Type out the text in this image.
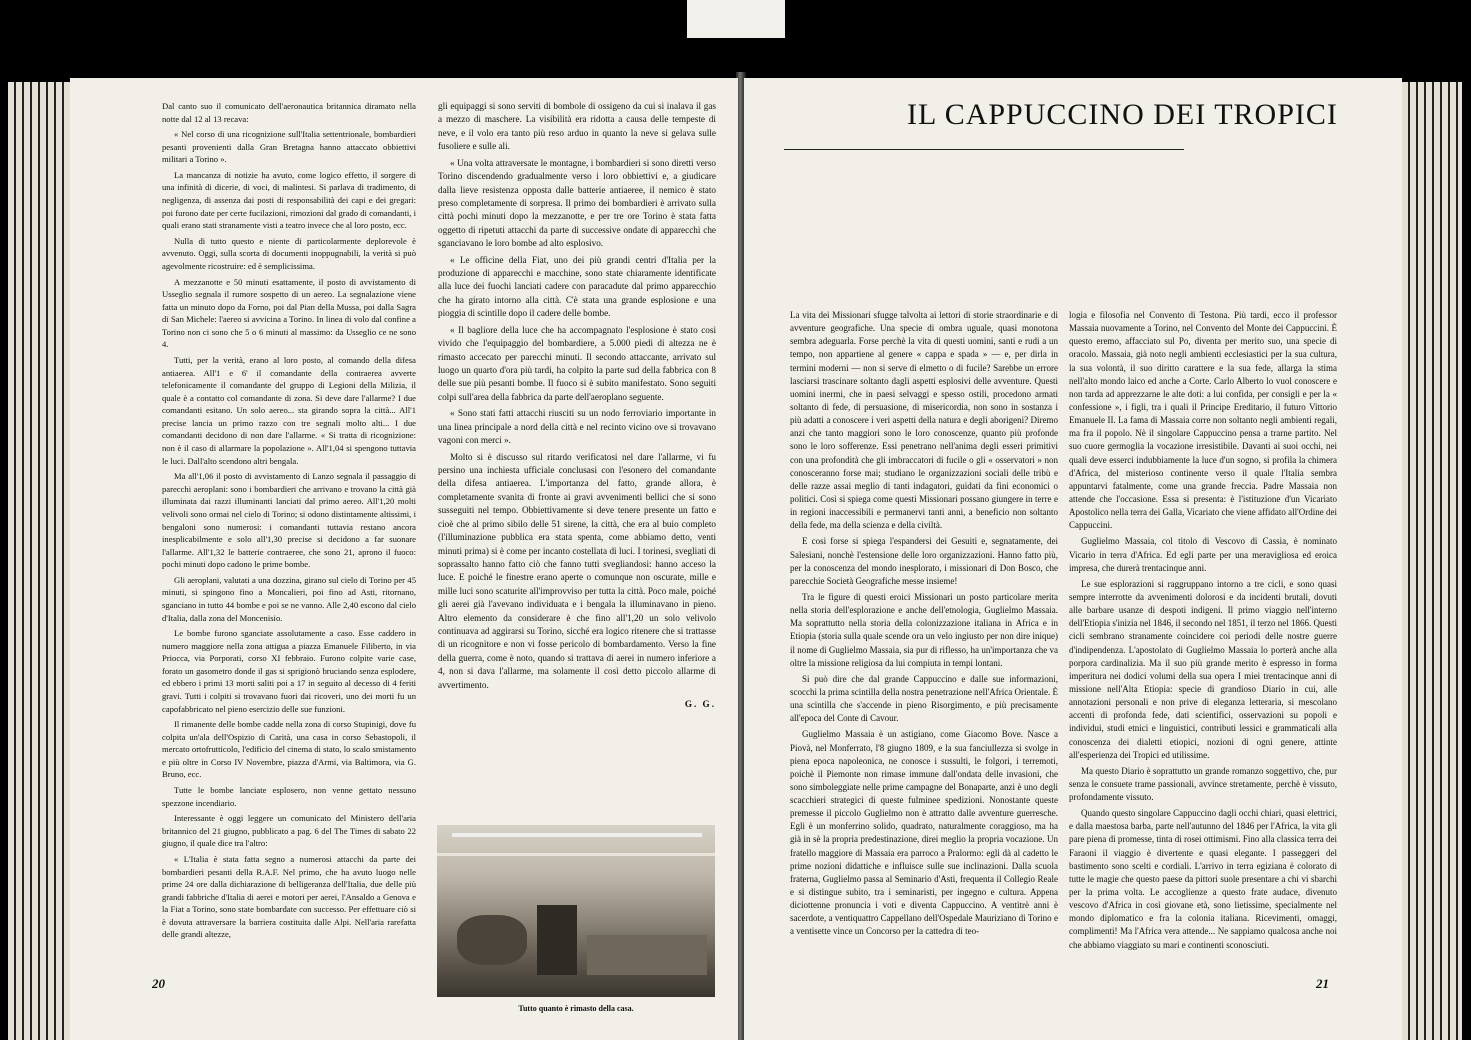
Dal canto suo il comunicato dell'aeronautica britannica diramato nella notte dal 12 al 13 recava:

« Nel corso di una ricognizione sull'Italia settentrionale, bombardieri pesanti provenienti dalla Gran Bretagna hanno attaccato obbiettivi militari a Torino ».

La mancanza di notizie ha avuto, come logico effetto, il sorgere di una infinità di dicerie, di voci, di malintesi. Si parlava di tradimento, di negligenza, di assenza dai posti di responsabilità dei capi e dei gregari: poi furono date per certe fucilazioni, rimozioni dal grado di comandanti, i quali erano stati stranamente visti a teatro invece che al loro posto, ecc.

Nulla di tutto questo e niente di particolarmente deplorevole è avvenuto. Oggi, sulla scorta di documenti inoppugnabili, la verità si può agevolmente ricostruire: ed è semplicissima.

A mezzanotte e 50 minuti esattamente, il posto di avvistamento di Usseglio segnala il rumore sospetto di un aereo. La segnalazione viene fatta un minuto dopo da Forno, poi dal Pian della Mussa, poi dalla Sagra di San Michele: l'aereo si avvicina a Torino. In linea di volo dal confine a Torino non ci sono che 5 o 6 minuti al massimo: da Usseglio ce ne sono 4.

Tutti, per la verità, erano al loro posto, al comando della difesa antiaerea. All'1 e 6' il comandante della contraerea avverte telefonicamente il comandante del gruppo di Legioni della Milizia, il quale è a contatto col comandante di zona. Si deve dare l'allarme? I due comandanti esitano. Un solo aereo... sta girando sopra la città... All'1 precise lancia un primo razzo con tre segnali molto alti... I due comandanti decidono di non dare l'allarme. « Si tratta di ricognizione: non è il caso di allarmare la popolazione ». All'1,04 si spengono tuttavia le luci. Dall'alto scendono altri bengala.

Ma all'1,06 il posto di avvistamento di Lanzo segnala il passaggio di parecchi aeroplani: sono i bombardieri che arrivano e trovano la città già illuminata dai razzi illuminanti lanciati dal primo aereo. All'1,20 molti velivoli sono ormai nel cielo di Torino; si odono distintamente altissimi, i bengaloni sono numerosi: i comandanti tuttavia restano ancora inesplicabilmente e solo all'1,30 precise si decidono a far suonare l'allarme. All'1,32 le batterie contraeree, che sono 21, aprono il fuoco: pochi minuti dopo cadono le prime bombe.

Gli aeroplani, valutati a una dozzina, girano sul cielo di Torino per 45 minuti, si spingono fino a Moncalieri, poi fino ad Asti, ritornano, sganciano in tutto 44 bombe e poi se ne vanno. Alle 2,40 escono dal cielo d'Italia, dalla zona del Moncenisio.

Le bombe furono sganciate assolutamente a caso. Esse caddero in numero maggiore nella zona attigua a piazza Emanuele Filiberto, in via Priocca, via Porporati, corso XI febbraio. Furono colpite varie case, forato un gasometro donde il gas si sprigionò bruciando senza esplodere, ed ebbero i primi 13 morti saliti poi a 17 in seguito al decesso di 4 feriti gravi. Tutti i colpiti si trovavano fuori dai ricoveri, uno dei morti fu un capofabbricato nel pieno esercizio delle sue funzioni.

Il rimanente delle bombe cadde nella zona di corso Stupinigi, dove fu colpita un'ala dell'Ospizio di Carità, una casa in corso Sebastopoli, il mercato ortofrutticolo, l'edificio del cinema di stato, lo scalo smistamento e più oltre in Corso IV Novembre, piazza d'Armi, via Baltimora, via G. Bruno, ecc.

Tutte le bombe lanciate esplosero, non venne gettato nessuno spezzone incendiario.

Interessante è oggi leggere un comunicato del Ministero dell'aria britannico del 21 giugno, pubblicato a pag. 6 del The Times di sabato 22 giugno, il quale dice tra l'altro:

« L'Italia è stata fatta segno a numerosi attacchi da parte dei bombardieri pesanti della R.A.F. Nel primo, che ha avuto luogo nelle prime 24 ore dalla dichiarazione di belligeranza dell'Italia, due delle più grandi fabbriche d'Italia di aerei e motori per aerei, l'Ansaldo a Genova e la Fiat a Torino, sono state bombardate con successo. Per effettuare ciò si è dovuta attraversare la barriera costituita dalle Alpi. Nell'aria rarefatta delle grandi altezze,

gli equipaggi si sono serviti di bombole di ossigeno da cui si inalava il gas a mezzo di maschere. La visibilità era ridotta a causa delle tempeste di neve, e il volo era tanto più reso arduo in quanto la neve si gelava sulle fusoliere e sulle ali.

« Una volta attraversate le montagne, i bombardieri si sono diretti verso Torino discendendo gradualmente verso i loro obbiettivi e, a giudicare dalla lieve resistenza opposta dalle batterie antiaeree, il nemico è stato preso completamente di sorpresa. Il primo dei bombardieri è arrivato sulla città pochi minuti dopo la mezzanotte, e per tre ore Torino è stata fatta oggetto di ripetuti attacchi da parte di successive ondate di apparecchi che sganciavano le loro bombe ad alto esplosivo.

« Le officine della Fiat, uno dei più grandi centri d'Italia per la produzione di apparecchi e macchine, sono state chiaramente identificate alla luce dei fuochi lanciati cadere con paracadute dal primo apparecchio che ha girato intorno alla città. C'è stata una grande esplosione e una pioggia di scintille dopo il cadere delle bombe.

« Il bagliore della luce che ha accompagnato l'esplosione è stato così vivido che l'equipaggio del bombardiere, a 5.000 piedi di altezza ne è rimasto accecato per parecchi minuti. Il secondo attaccante, arrivato sul luogo un quarto d'ora più tardi, ha colpito la parte sud della fabbrica con 8 delle sue più pesanti bombe. Il fuoco si è subito manifestato. Sono seguiti colpi sull'area della fabbrica da parte dell'aeroplano seguente.

« Sono stati fatti attacchi riusciti su un nodo ferroviario importante in una linea principale a nord della città e nel recinto vicino ove si trovavano vagoni con merci ».

Molto si è discusso sul ritardo verificatosi nel dare l'allarme, vi fu persino una inchiesta ufficiale conclusasi con l'esonero del comandante della difesa antiaerea. L'importanza del fatto, grande allora, è completamente svanita di fronte ai gravi avvenimenti bellici che si sono susseguiti nel tempo. Obbiettivamente si deve tenere presente un fatto e cioè che al primo sibilo delle 51 sirene, la città, che era al buio completo (l'illuminazione pubblica era stata spenta, come abbiamo detto, venti minuti prima) si è come per incanto costellata di luci. I torinesi, svegliati di soprassalto hanno fatto ciò che fanno tutti svegliandosi: hanno acceso la luce. E poiché le finestre erano aperte o comunque non oscurate, mille e mille luci sono scaturite all'improvviso per tutta la città. Poco male, poiché gli aerei già l'avevano individuata e i bengala la illuminavano in pieno. Altro elemento da considerare è che fino all'1,20 un solo velivolo continuava ad aggirarsi su Torino, sicché era logico ritenere che si trattasse di un ricognitore e non vi fosse pericolo di bombardamento. Verso la fine della guerra, come è noto, quando si trattava di aerei in numero inferiore a 4, non si dava l'allarme, ma solamente il così detto piccolo allarme di avvertimento.

G. G.
Tutto quanto è rimasto della casa.
20
IL CAPPUCCINO DEI TROPICI

La vita dei Missionari sfugge talvolta ai lettori di storie straordinarie e di avventure geografiche. Una specie di ombra uguale, quasi monotona sembra adeguarla. Forse perchè la vita di questi uomini, santi e rudi a un tempo, non appartiene al genere « cappa e spada » — e, per dirla in termini moderni — non si serve di elmetto o di fucile? Sarebbe un errore lasciarsi trascinare soltanto dagli aspetti esplosivi delle avventure. Questi uomini inermi, che in paesi selvaggi e spesso ostili, procedono armati soltanto di fede, di persuasione, di misericordia, non sono in sostanza i più adatti a conoscere i veri aspetti della natura e degli aborigeni? Diremo anzi che tanto maggiori sono le loro conoscenze, quanto più profonde sono le loro sofferenze. Essi penetrano nell'anima degli esseri primitivi con una profondità che gli imbraccatori di fucile o gli « osservatori » non conosceranno forse mai; studiano le organizzazioni sociali delle tribù e delle razze assai meglio di tanti indagatori, guidati da fini economici o politici. Così si spiega come questi Missionari possano giungere in terre e in regioni inaccessibili e permanervi tanti anni, a beneficio non soltanto della fede, ma della scienza e della civiltà.

E così forse si spiega l'espandersi dei Gesuiti e, segnatamente, dei Salesiani, nonchè l'estensione delle loro organizzazioni. Hanno fatto più, per la conoscenza del mondo inesplorato, i missionari di Don Bosco, che parecchie Società Geografiche messe insieme!

Tra le figure di questi eroici Missionari un posto particolare merita nella storia dell'esplorazione e anche dell'etnologia, Guglielmo Massaia. Ma soprattutto nella storia della colonizzazione italiana in Africa e in Etiopia (storia sulla quale scende ora un velo ingiusto per non dire inique) il nome di Guglielmo Massaia, sia pur di riflesso, ha un'importanza che va oltre la missione religiosa da lui compiuta in tempi lontani.

Si può dire che dal grande Cappuccino e dalle sue informazioni, scocchi la prima scintilla della nostra penetrazione nell'Africa Orientale. È una scintilla che s'accende in pieno Risorgimento, e più precisamente all'epoca del Conte di Cavour.

Guglielmo Massaia è un astigiano, come Giacomo Bove. Nasce a Piovà, nel Monferrato, l'8 giugno 1809, e la sua fanciullezza si svolge in piena epoca napoleonica, ne conosce i sussulti, le folgori, i terremoti, poichè il Piemonte non rimase immune dall'ondata delle invasioni, che sono simboleggiate nelle prime campagne del Bonaparte, anzi è uno degli scacchieri strategici di queste fulminee spedizioni. Nonostante queste premesse il piccolo Guglielmo non è attratto dalle avventure guerresche. Egli è un monferrino solido, quadrato, naturalmente coraggioso, ma ha già in sè la propria predestinazione, direi meglio la propria vocazione. Un fratello maggiore di Massaia era parroco a Pralormo: egli dà al cadetto le prime nozioni didattiche e influisce sulle sue inclinazioni. Dalla scuola fraterna, Guglielmo passa al Seminario d'Asti, frequenta il Collegio Reale e si distingue subito, tra i seminaristi, per ingegno e cultura. Appena diciottenne pronuncia i voti e diventa Cappuccino. A ventitrè anni è sacerdote, a ventiquattro Cappellano dell'Ospedale Mauriziano di Torino e a ventisette vince un Concorso per la cattedra di teo-

logia e filosofia nel Convento di Testona. Più tardi, ecco il professor Massaia nuovamente a Torino, nel Convento del Monte dei Cappuccini. È questo eremo, affacciato sul Po, diventa per merito suo, una specie di oracolo. Massaia, già noto negli ambienti ecclesiastici per la sua cultura, la sua volontà, il suo diritto carattere e la sua fede, allarga la stima nell'alto mondo laico ed anche a Corte. Carlo Alberto lo vuol conoscere e non tarda ad apprezzarne le alte doti: a lui confida, per consigli e per la « confessione », i figli, tra i quali il Principe Ereditario, il futuro Vittorio Emanuele II. La fama di Massaia corre non soltanto negli ambienti regali, ma fra il popolo. Nè il singolare Cappuccino pensa a trarne partito. Nel suo cuore germoglia la vocazione irresistibile. Davanti ai suoi occhi, nei quali deve esserci indubbiamente la luce d'un sogno, si profila la chimera d'Africa, del misterioso continente verso il quale l'Italia sembra appuntarvi fatalmente, come una grande freccia. Padre Massaia non attende che l'occasione. Essa si presenta: è l'istituzione d'un Vicariato Apostolico nella terra dei Galla, Vicariato che viene affidato all'Ordine dei Cappuccini.

Guglielmo Massaia, col titolo di Vescovo di Cassia, è nominato Vicario in terra d'Africa. Ed egli parte per una meravigliosa ed eroica impresa, che durerà trentacinque anni.

Le sue esplorazioni si raggruppano intorno a tre cicli, e sono quasi sempre interrotte da avvenimenti dolorosi e da incidenti brutali, dovuti alle barbare usanze di despoti indigeni. Il primo viaggio nell'interno dell'Etiopia s'inizia nel 1846, il secondo nel 1851, il terzo nel 1866. Questi cicli sembrano stranamente coincidere coi periodi delle nostre guerre d'indipendenza. L'apostolato di Guglielmo Massaia lo porterà anche alla porpora cardinalizia. Ma il suo più grande merito è espresso in forma imperitura nei dodici volumi della sua opera I miei trentacinque anni di missione nell'Alta Etiopia: specie di grandioso Diario in cui, alle annotazioni personali e non prive di eleganza letteraria, si mescolano accenti di profonda fede, dati scientifici, osservazioni su popoli e individui, studi etnici e linguistici, contributi lessici e grammaticali alla conoscenza dei dialetti etiopici, nozioni di ogni genere, attinte all'esperienza dei Tropici ed utilissime.

Ma questo Diario è soprattutto un grande romanzo soggettivo, che, pur senza le consuete trame passionali, avvince stretamente, perchè è vissuto, profondamente vissuto.

Quando questo singolare Cappuccino dagli occhi chiari, quasi elettrici, e dalla maestosa barba, parte nell'autunno del 1846 per l'Africa, la vita gli pare piena di promesse, tinta di rosei ottimismi. Fino alla classica terra dei Faraoni il viaggio è divertente e quasi elegante. I passeggeri del bastimento sono scelti e cordiali. L'arrivo in terra egiziana è colorato di tutte le magie che questo paese da pittori suole presentare a chi vi sbarchi per la prima volta. Le accoglienze a questo frate audace, divenuto vescovo d'Africa in così giovane età, sono lietissime, specialmente nel mondo diplomatico e fra la colonia italiana. Ricevimenti, omaggi, complimenti! Ma l'Africa vera attende... Ne sappiamo qualcosa anche noi che abbiamo viaggiato su mari e continenti sconosciuti.

21
